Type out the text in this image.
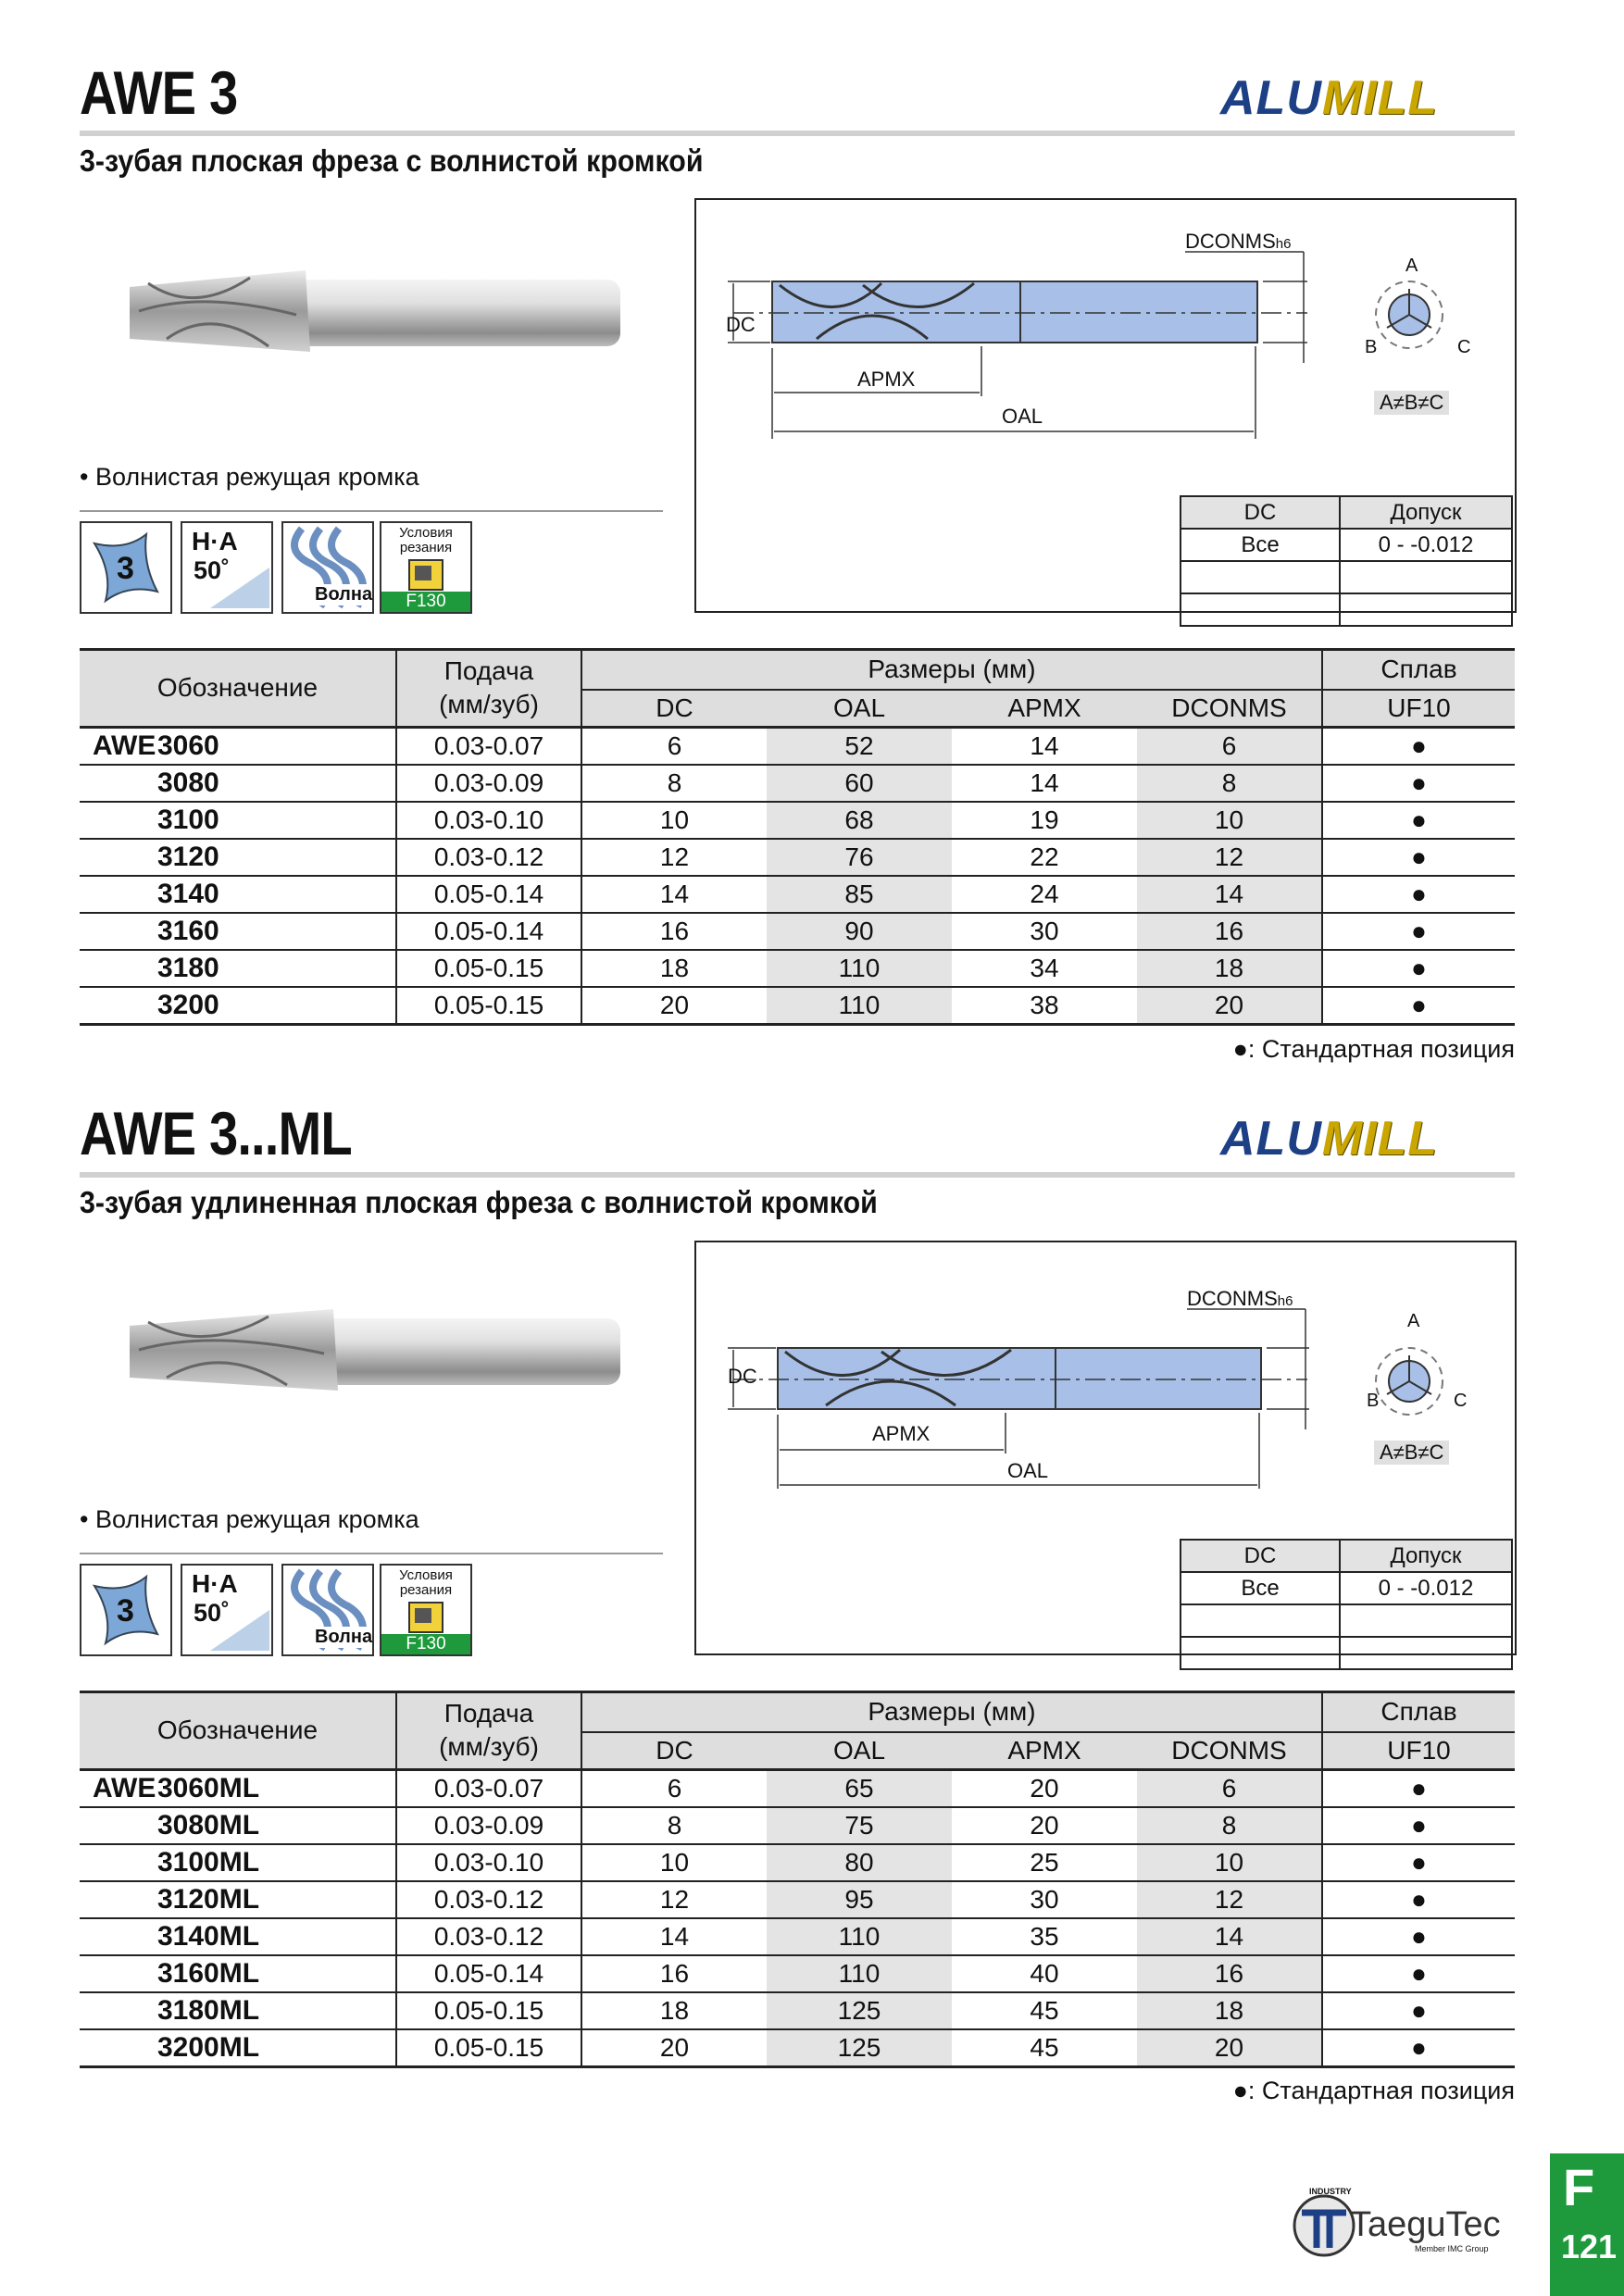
AWE 3	ALUMILL
3-зубая плоская фреза с волнистой кромкой
• Волнистая режущая кромка
3
H·A
50˚
Волна
Условия
резания
F130
DCONMSh6
DC
APMX
OAL
A
B	C
A≠B≠C
DC	Допуск
Все	0 - -0.012

Обозначение		Подача
(мм/зуб)	Размеры (мм)				Сплав
			DC	OAL	APMX	DCONMS	UF10
AWE	3060	0.03-0.07	6	52	14	6	●
	3080	0.03-0.09	8	60	14	8	●
	3100	0.03-0.10	10	68	19	10	●
	3120	0.03-0.12	12	76	22	12	●
	3140	0.05-0.14	14	85	24	14	●
	3160	0.05-0.14	16	90	30	16	●
	3180	0.05-0.15	18	110	34	18	●
	3200	0.05-0.15	20	110	38	20	●
●: Стандартная позиция
AWE 3...ML	ALUMILL
3-зубая удлиненная плоская фреза с волнистой кромкой
• Волнистая режущая кромка
3
H·A
50˚
Волна
Условия
резания
F130
DCONMSh6
DC
APMX
OAL
A
B	C
A≠B≠C
DC	Допуск
Все	0 - -0.012

Обозначение		Подача
(мм/зуб)	Размеры (мм)				Сплав
			DC	OAL	APMX	DCONMS	UF10
AWE	3060ML	0.03-0.07	6	65	20	6	●
	3080ML	0.03-0.09	8	75	20	8	●
	3100ML	0.03-0.10	10	80	25	10	●
	3120ML	0.03-0.12	12	95	30	12	●
	3140ML	0.03-0.12	14	110	35	14	●
	3160ML	0.05-0.14	16	110	40	16	●
	3180ML	0.05-0.15	18	125	45	18	●
	3200ML	0.05-0.15	20	125	45	20	●
●: Стандартная позиция
INDUSTRY
TaeguTec
Member IMC Group
F
121
